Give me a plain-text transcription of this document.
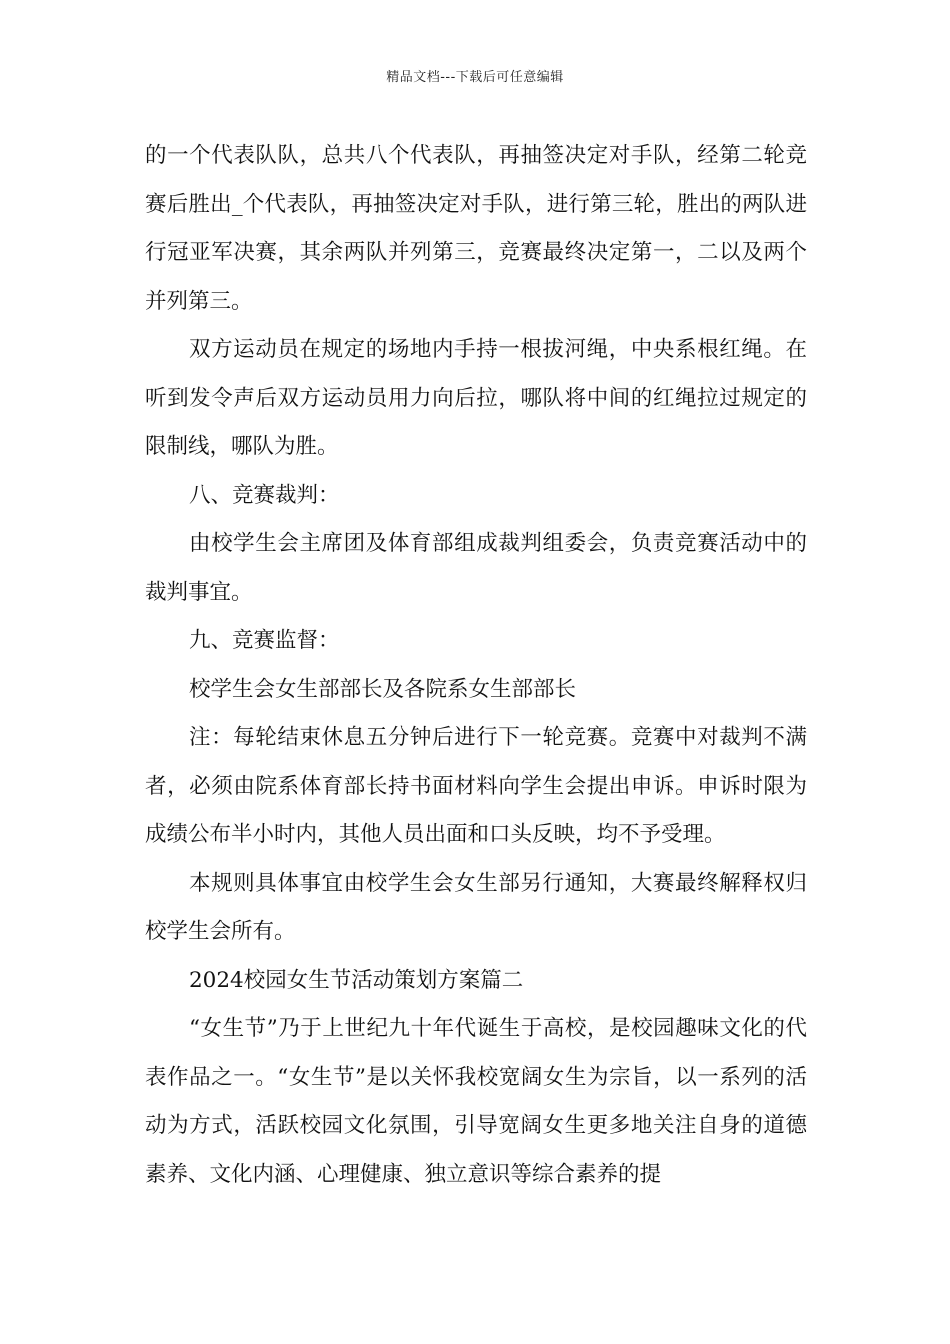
精品文档---下载后可任意编辑

的一个代表队队，总共八个代表队，再抽签决定对手队，经第二轮竞赛后胜出_个代表队，再抽签决定对手队，进行第三轮，胜出的两队进行冠亚军决赛，其余两队并列第三，竞赛最终决定第一，二以及两个并列第三。

双方运动员在规定的场地内手持一根拔河绳，中央系根红绳。在听到发令声后双方运动员用力向后拉，哪队将中间的红绳拉过规定的限制线，哪队为胜。

八、竞赛裁判：

由校学生会主席团及体育部组成裁判组委会，负责竞赛活动中的裁判事宜。

九、竞赛监督：

校学生会女生部部长及各院系女生部部长

注：每轮结束休息五分钟后进行下一轮竞赛。竞赛中对裁判不满者，必须由院系体育部长持书面材料向学生会提出申诉。申诉时限为成绩公布半小时内，其他人员出面和口头反映，均不予受理。

本规则具体事宜由校学生会女生部另行通知，大赛最终解释权归校学生会所有。

2024校园女生节活动策划方案篇二

“女生节”乃于上世纪九十年代诞生于高校，是校园趣味文化的代表作品之一。“女生节”是以关怀我校宽阔女生为宗旨，以一系列的活动为方式，活跃校园文化氛围，引导宽阔女生更多地关注自身的道德素养、文化内涵、心理健康、独立意识等综合素养的提
